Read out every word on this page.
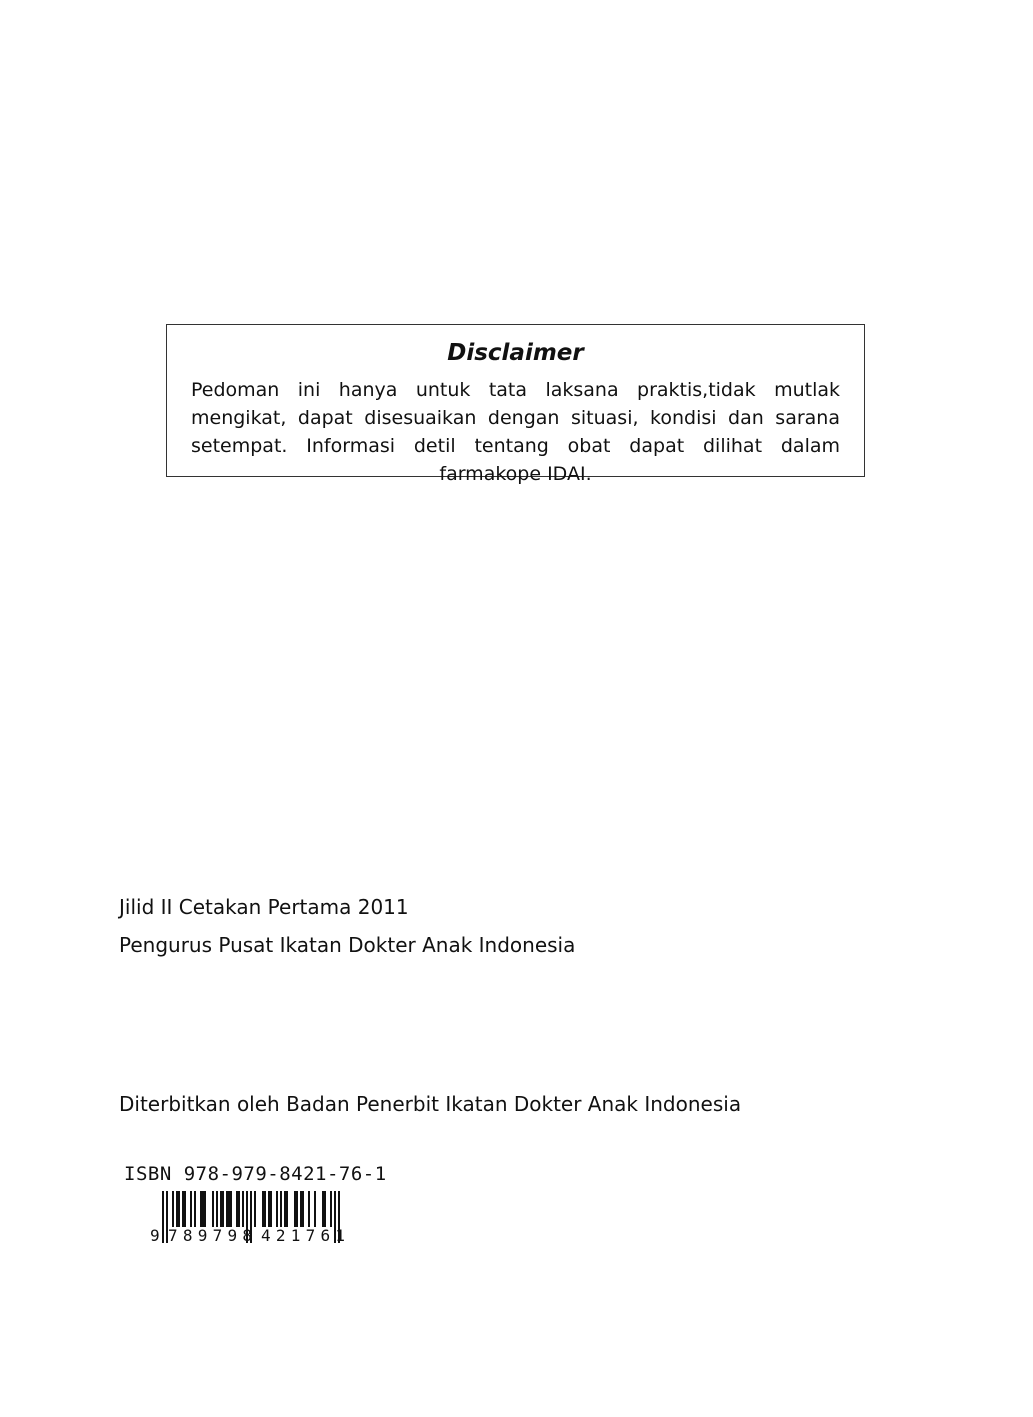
Disclaimer
Pedoman ini hanya untuk tata laksana praktis,tidak mutlak mengikat, dapat disesuaikan dengan situasi, kondisi dan sarana setempat. Informasi detil tentang obat dapat dilihat dalam farmakope IDAI.
Jilid II Cetakan Pertama 2011
Pengurus Pusat Ikatan Dokter Anak Indonesia
Diterbitkan oleh Badan Penerbit Ikatan Dokter Anak Indonesia
ISBN 978-979-8421-76-1
9 789798 421761
